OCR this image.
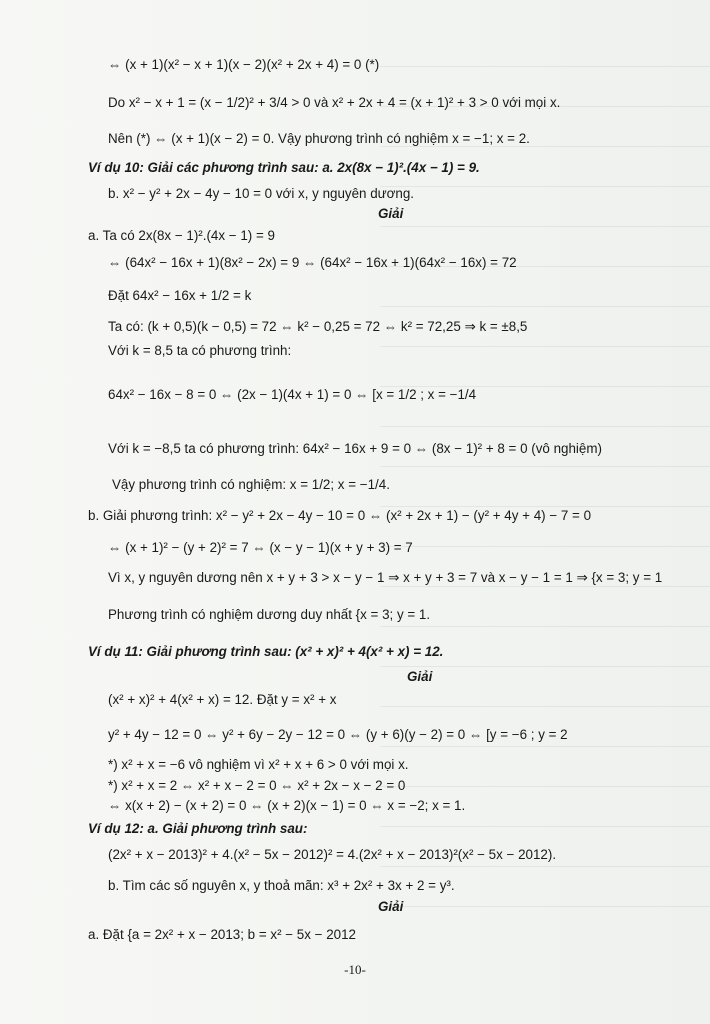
⇔ (x + 1)(x² − x + 1)(x − 2)(x² + 2x + 4) = 0 (*)
Do x² − x + 1 = (x − 1/2)² + 3/4 > 0 và x² + 2x + 4 = (x + 1)² + 3 > 0 với mọi x.
Nên (*) ⇔ (x + 1)(x − 2) = 0. Vậy phương trình có nghiệm x = −1; x = 2.
Ví dụ 10: Giải các phương trình sau: a. 2x(8x − 1)².(4x − 1) = 9.
b. x² − y² + 2x − 4y − 10 = 0 với x, y nguyên dương.
Giải
a. Ta có 2x(8x − 1)².(4x − 1) = 9
⇔ (64x² − 16x + 1)(8x² − 2x) = 9 ⇔ (64x² − 16x + 1)(64x² − 16x) = 72
Đặt 64x² − 16x + 1/2 = k
Ta có: (k + 0,5)(k − 0,5) = 72 ⇔ k² − 0,25 = 72 ⇔ k² = 72,25 ⇒ k = ±8,5
Với k = 8,5 ta có phương trình:
64x² − 16x − 8 = 0 ⇔ (2x − 1)(4x + 1) = 0 ⇔ [x = 1/2 ; x = −1/4
Với k = −8,5 ta có phương trình: 64x² − 16x + 9 = 0 ⇔ (8x − 1)² + 8 = 0 (vô nghiệm)
Vậy phương trình có nghiệm: x = 1/2; x = −1/4.
b. Giải phương trình: x² − y² + 2x − 4y − 10 = 0 ⇔ (x² + 2x + 1) − (y² + 4y + 4) − 7 = 0
⇔ (x + 1)² − (y + 2)² = 7 ⇔ (x − y − 1)(x + y + 3) = 7
Vì x, y nguyên dương nên x + y + 3 > x − y − 1 ⇒ x + y + 3 = 7 và x − y − 1 = 1 ⇒ {x = 3; y = 1
Phương trình có nghiệm dương duy nhất {x = 3; y = 1.
Ví dụ 11: Giải phương trình sau: (x² + x)² + 4(x² + x) = 12.
Giải
(x² + x)² + 4(x² + x) = 12. Đặt y = x² + x
y² + 4y − 12 = 0 ⇔ y² + 6y − 2y − 12 = 0 ⇔ (y + 6)(y − 2) = 0 ⇔ [y = −6 ; y = 2
*) x² + x = −6 vô nghiệm vì x² + x + 6 > 0 với mọi x.
*) x² + x = 2 ⇔ x² + x − 2 = 0 ⇔ x² + 2x − x − 2 = 0
⇔ x(x + 2) − (x + 2) = 0 ⇔ (x + 2)(x − 1) = 0 ⇔ x = −2; x = 1.
Ví dụ 12: a. Giải phương trình sau:
(2x² + x − 2013)² + 4.(x² − 5x − 2012)² = 4.(2x² + x − 2013)²(x² − 5x − 2012).
b. Tìm các số nguyên x, y thoả mãn: x³ + 2x² + 3x + 2 = y³.
Giải
a. Đặt {a = 2x² + x − 2013; b = x² − 5x − 2012
-10-
